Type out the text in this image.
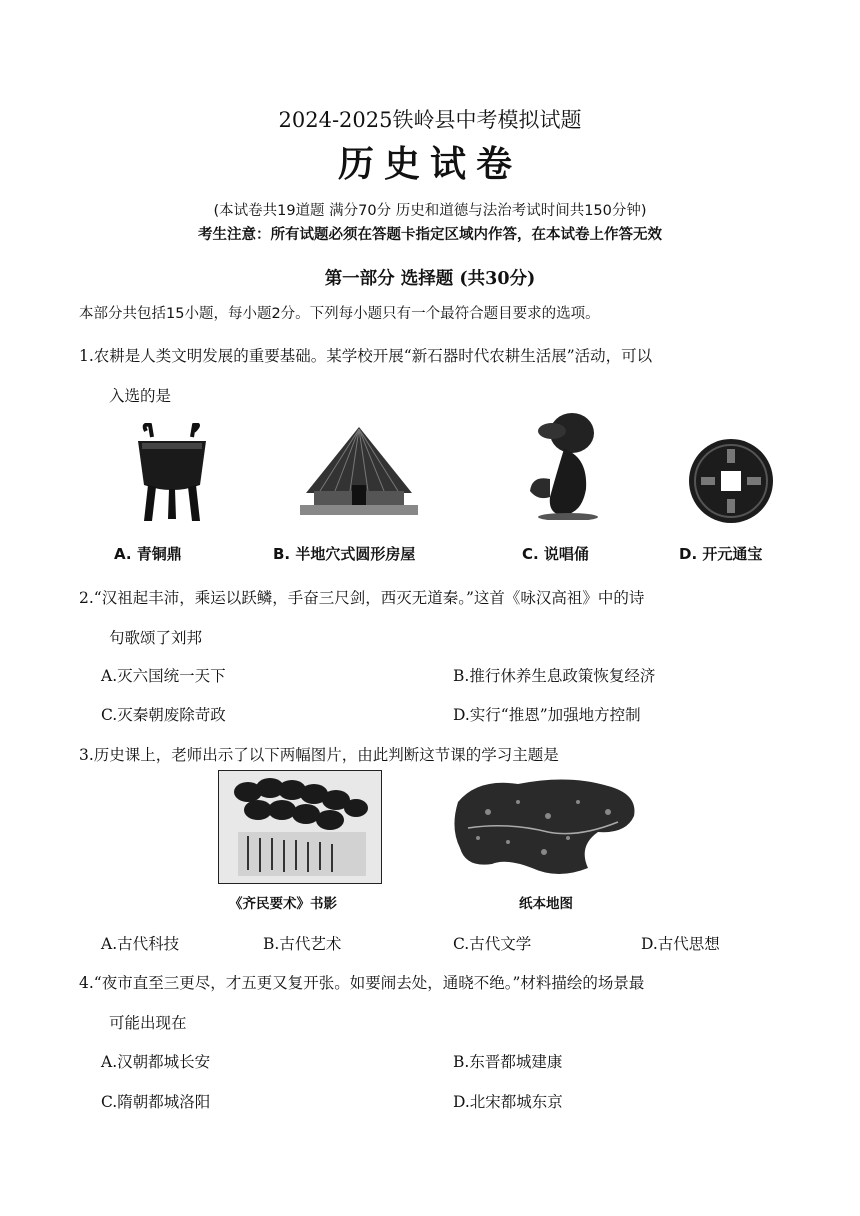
2024-2025铁岭县中考模拟试题
历史试卷
(本试卷共19道题 满分70分 历史和道德与法治考试时间共150分钟)
考生注意：所有试题必须在答题卡指定区域内作答，在本试卷上作答无效
第一部分 选择题 (共30分)
本部分共包括15小题，每小题2分。下列每小题只有一个最符合题目要求的选项。
1.农耕是人类文明发展的重要基础。某学校开展“新石器时代农耕生活展”活动，可以
入选的是
A. 青铜鼎	B. 半地穴式圆形房屋	C. 说唱俑	D. 开元通宝
2.“汉祖起丰沛，乘运以跃鳞，手奋三尺剑，西灭无道秦。”这首《咏汉高祖》中的诗
句歌颂了刘邦
A.灭六国统一天下	B.推行休养生息政策恢复经济
C.灭秦朝废除苛政	D.实行“推恩”加强地方控制
3.历史课上，老师出示了以下两幅图片，由此判断这节课的学习主题是
《齐民要术》书影	纸本地图
A.古代科技	B.古代艺术	C.古代文学	D.古代思想
4.“夜市直至三更尽，才五更又复开张。如要闹去处，通晓不绝。”材料描绘的场景最
可能出现在
A.汉朝都城长安	B.东晋都城建康
C.隋朝都城洛阳	D.北宋都城东京
